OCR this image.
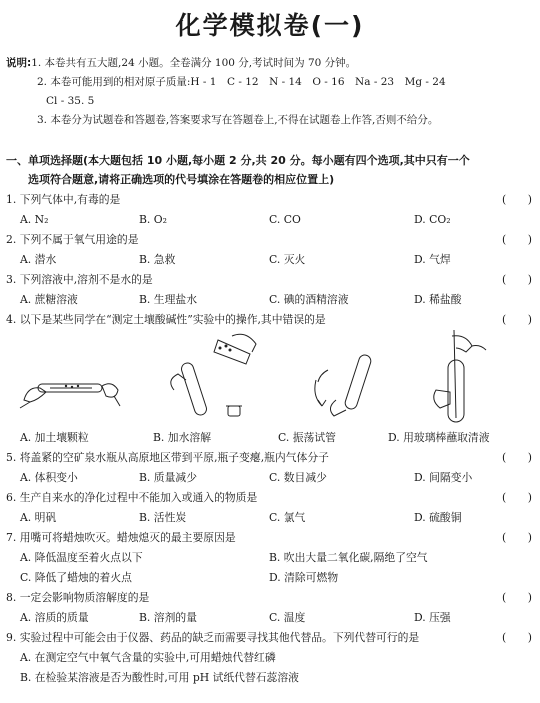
化学模拟卷(一)
说明:1. 本卷共有五大题,24 小题。全卷满分 100 分,考试时间为 70 分钟。
2. 本卷可能用到的相对原子质量:H - 1　C - 12　N - 14　O - 16　Na - 23　Mg - 24
Cl - 35. 5
3. 本卷分为试题卷和答题卷,答案要求写在答题卷上,不得在试题卷上作答,否则不给分。
一、单项选择题(本大题包括 10 小题,每小题 2 分,共 20 分。每小题有四个选项,其中只有一个
选项符合题意,请将正确选项的代号填涂在答题卷的相应位置上)
1. 下列气体中,有毒的是	(　　)
A. N₂	B. O₂	C. CO	D. CO₂
2. 下列不属于氧气用途的是	(　　)
A. 潜水	B. 急救	C. 灭火	D. 气焊
3. 下列溶液中,溶剂不是水的是	(　　)
A. 蔗糖溶液	B. 生理盐水	C. 碘的酒精溶液	D. 稀盐酸
4. 以下是某些同学在“测定土壤酸碱性”实验中的操作,其中错误的是	(　　)
A. 加土壤颗粒	B. 加水溶解	C. 振荡试管	D. 用玻璃棒蘸取清液
5. 将盖紧的空矿泉水瓶从高原地区带到平原,瓶子变瘪,瓶内气体分子	(　　)
A. 体积变小	B. 质量减少	C. 数目减少	D. 间隔变小
6. 生产自来水的净化过程中不能加入或通入的物质是	(　　)
A. 明矾	B. 活性炭	C. 氯气	D. 硫酸铜
7. 用嘴可将蜡烛吹灭。蜡烛熄灭的最主要原因是	(　　)
A. 降低温度至着火点以下	B. 吹出大量二氧化碳,隔绝了空气
C. 降低了蜡烛的着火点	D. 清除可燃物
8. 一定会影响物质溶解度的是	(　　)
A. 溶质的质量	B. 溶剂的量	C. 温度	D. 压强
9. 实验过程中可能会由于仪器、药品的缺乏而需要寻找其他代替品。下列代替可行的是	(　　)
A. 在测定空气中氧气含量的实验中,可用蜡烛代替红磷
B. 在检验某溶液是否为酸性时,可用 pH 试纸代替石蕊溶液
